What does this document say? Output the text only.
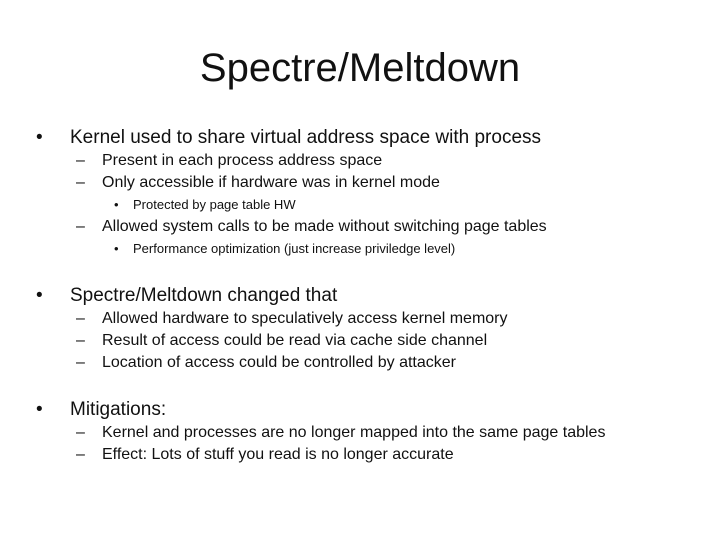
Spectre/Meltdown
• Kernel used to share virtual address space with process
– Present in each process address space
– Only accessible if hardware was in kernel mode
• Protected by page table HW
– Allowed system calls to be made without switching page tables
• Performance optimization (just increase priviledge level)
• Spectre/Meltdown changed that
– Allowed hardware to speculatively access kernel memory
– Result of access could be read via cache side channel
– Location of access could be controlled by attacker
• Mitigations:
– Kernel and processes are no longer mapped into the same page tables
– Effect: Lots of stuff you read is no longer accurate
